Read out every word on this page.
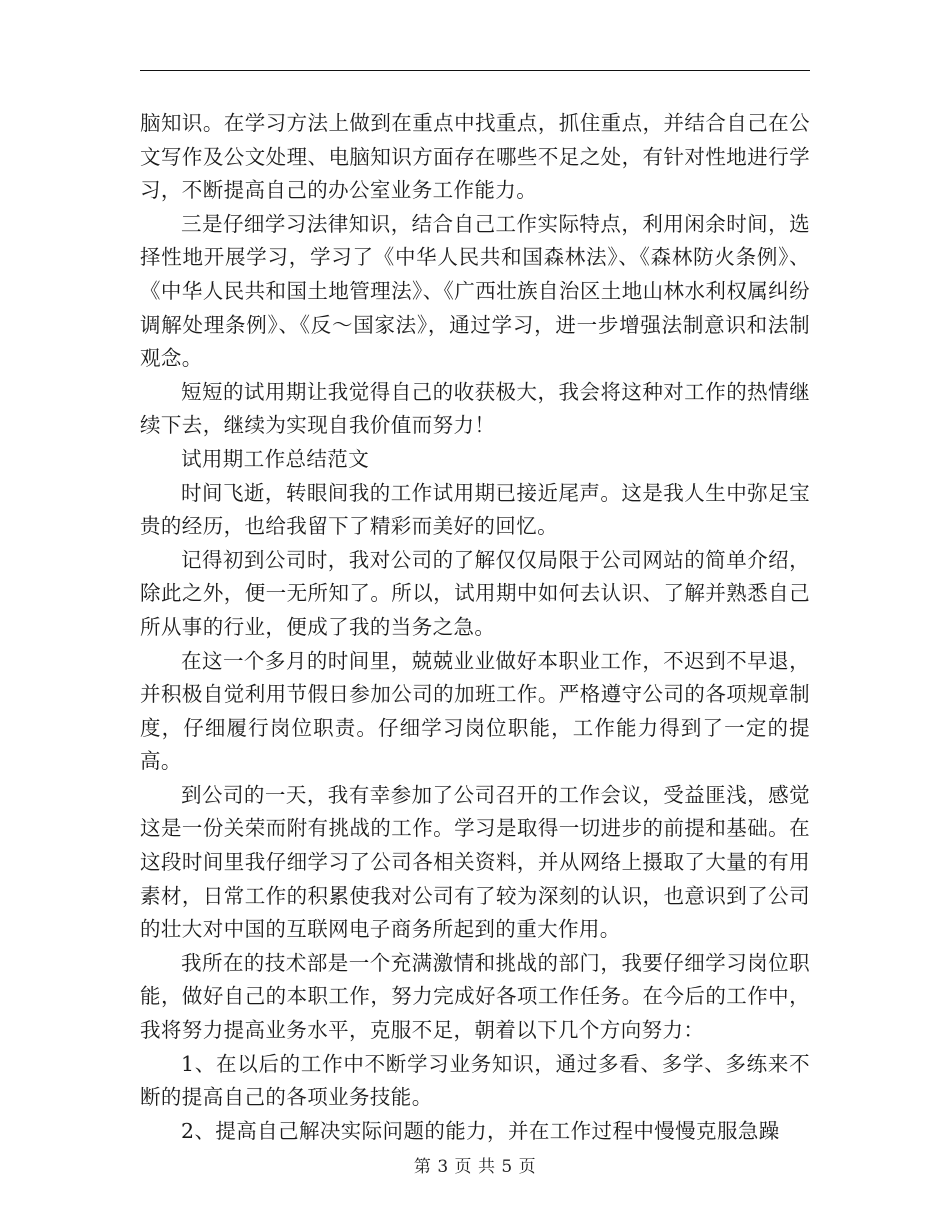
脑知识。在学习方法上做到在重点中找重点，抓住重点，并结合自己在公文写作及公文处理、电脑知识方面存在哪些不足之处，有针对性地进行学习，不断提高自己的办公室业务工作能力。

三是仔细学习法律知识，结合自己工作实际特点，利用闲余时间，选择性地开展学习，学习了《中华人民共和国森林法》、《森林防火条例》、《中华人民共和国土地管理法》、《广西壮族自治区土地山林水利权属纠纷调解处理条例》、《反～国家法》，通过学习，进一步增强法制意识和法制观念。

短短的试用期让我觉得自己的收获极大，我会将这种对工作的热情继续下去，继续为实现自我价值而努力！

试用期工作总结范文

时间飞逝，转眼间我的工作试用期已接近尾声。这是我人生中弥足宝贵的经历，也给我留下了精彩而美好的回忆。

记得初到公司时，我对公司的了解仅仅局限于公司网站的简单介绍，除此之外，便一无所知了。所以，试用期中如何去认识、了解并熟悉自己所从事的行业，便成了我的当务之急。

在这一个多月的时间里，兢兢业业做好本职业工作，不迟到不早退，并积极自觉利用节假日参加公司的加班工作。严格遵守公司的各项规章制度，仔细履行岗位职责。仔细学习岗位职能，工作能力得到了一定的提高。

到公司的一天，我有幸参加了公司召开的工作会议，受益匪浅，感觉这是一份关荣而附有挑战的工作。学习是取得一切进步的前提和基础。在这段时间里我仔细学习了公司各相关资料，并从网络上摄取了大量的有用素材，日常工作的积累使我对公司有了较为深刻的认识，也意识到了公司的壮大对中国的互联网电子商务所起到的重大作用。

我所在的技术部是一个充满激情和挑战的部门，我要仔细学习岗位职能，做好自己的本职工作，努力完成好各项工作任务。在今后的工作中，我将努力提高业务水平，克服不足，朝着以下几个方向努力：

1、在以后的工作中不断学习业务知识，通过多看、多学、多练来不断的提高自己的各项业务技能。

2、提高自己解决实际问题的能力，并在工作过程中慢慢克服急躁

第 3 页 共 5 页
